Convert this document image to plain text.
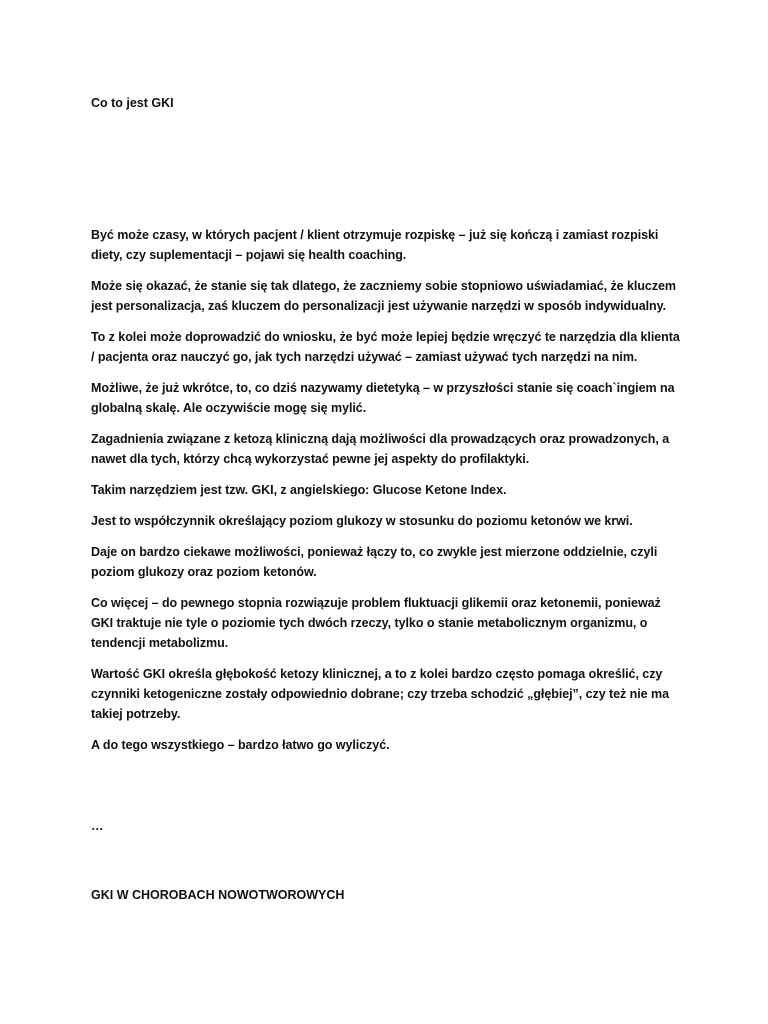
Co to jest GKI

Być może czasy, w których pacjent / klient otrzymuje rozpiskę – już się kończą i zamiast rozpiski diety, czy suplementacji – pojawi się health coaching.

Może się okazać, że stanie się tak dlatego, że zaczniemy sobie stopniowo uświadamiać, że kluczem jest personalizacja, zaś kluczem do personalizacji jest używanie narzędzi w sposób indywidualny.

To z kolei może doprowadzić do wniosku, że być może lepiej będzie wręczyć te narzędzia dla klienta / pacjenta oraz nauczyć go, jak tych narzędzi używać – zamiast używać tych narzędzi na nim.

Możliwe, że już wkrótce, to, co dziś nazywamy dietetyką – w przyszłości stanie się coach`ingiem na globalną skalę. Ale oczywiście mogę się mylić.

Zagadnienia związane z ketozą kliniczną dają możliwości dla prowadzących oraz prowadzonych, a nawet dla tych, którzy chcą wykorzystać pewne jej aspekty do profilaktyki.

Takim narzędziem jest tzw. GKI, z angielskiego: Glucose Ketone Index.

Jest to współczynnik określający poziom glukozy w stosunku do poziomu ketonów we krwi.

Daje on bardzo ciekawe możliwości, ponieważ łączy to, co zwykle jest mierzone oddzielnie, czyli poziom glukozy oraz poziom ketonów.

Co więcej – do pewnego stopnia rozwiązuje problem fluktuacji glikemii oraz ketonemii, ponieważ GKI traktuje nie tyle o poziomie tych dwóch rzeczy, tylko o stanie metabolicznym organizmu, o tendencji metabolizmu.

Wartość GKI określa głębokość ketozy klinicznej, a to z kolei bardzo często pomaga określić, czy czynniki ketogeniczne zostały odpowiednio dobrane; czy trzeba schodzić „głębiej”, czy też nie ma takiej potrzeby.

A do tego wszystkiego – bardzo łatwo go wyliczyć.

…
GKI W CHOROBACH NOWOTWOROWYCH
